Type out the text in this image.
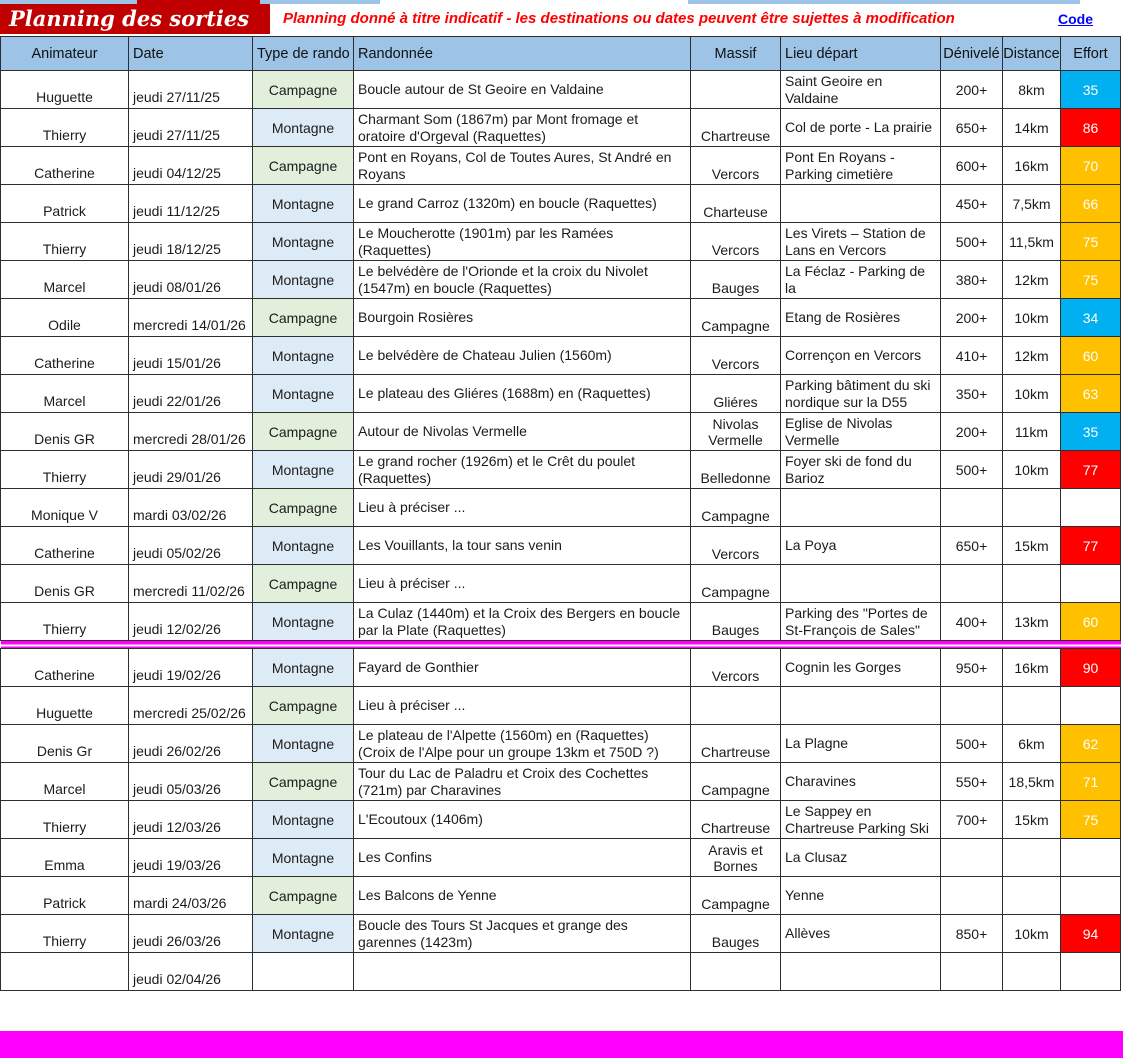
Planning des sorties	Planning donné à titre indicatif - les destinations ou dates peuvent être sujettes à modification	Code
Animateur	Date	Type de rando	Randonnée	Massif	Lieu départ	Dénivelé	Distance	Effort
Huguette	jeudi 27/11/25	Campagne	Boucle autour de St Geoire en Valdaine		Saint Geoire en Valdaine	200+	8km	35
Thierry	jeudi 27/11/25	Montagne	Charmant Som (1867m) par Mont fromage et oratoire d'Orgeval (Raquettes)	Chartreuse	Col de porte - La prairie	650+	14km	86
Catherine	jeudi 04/12/25	Campagne	Pont en Royans, Col de Toutes Aures, St André en Royans	Vercors	Pont En Royans - Parking cimetière	600+	16km	70
Patrick	jeudi 11/12/25	Montagne	Le grand Carroz (1320m) en boucle (Raquettes)	Charteuse		450+	7,5km	66
Thierry	jeudi 18/12/25	Montagne	Le Moucherotte (1901m) par les Ramées (Raquettes)	Vercors	Les Virets – Station de Lans en Vercors	500+	11,5km	75
Marcel	jeudi 08/01/26	Montagne	Le belvédère de l'Orionde et la croix du Nivolet (1547m) en boucle (Raquettes)	Bauges	La Féclaz - Parking de la	380+	12km	75
Odile	mercredi 14/01/26	Campagne	Bourgoin Rosières	Campagne	Etang de Rosières	200+	10km	34
Catherine	jeudi 15/01/26	Montagne	Le belvédère de Chateau Julien (1560m)	Vercors	Corrençon en Vercors	410+	12km	60
Marcel	jeudi 22/01/26	Montagne	Le plateau des Gliéres (1688m) en (Raquettes)	Gliéres	Parking bâtiment du ski nordique sur la D55	350+	10km	63
Denis GR	mercredi 28/01/26	Campagne	Autour de Nivolas Vermelle	Nivolas Vermelle	Eglise de Nivolas Vermelle	200+	11km	35
Thierry	jeudi 29/01/26	Montagne	Le grand rocher (1926m) et le Crêt du poulet (Raquettes)	Belledonne	Foyer ski de fond du Barioz	500+	10km	77
Monique V	mardi 03/02/26	Campagne	Lieu à préciser ...	Campagne				
Catherine	jeudi 05/02/26	Montagne	Les Vouillants, la tour sans venin	Vercors	La Poya	650+	15km	77
Denis GR	mercredi 11/02/26	Campagne	Lieu à préciser ...	Campagne				
Thierry	jeudi 12/02/26	Montagne	La Culaz (1440m) et la Croix des Bergers en boucle par la Plate (Raquettes)	Bauges	Parking des "Portes de St-François de Sales"	400+	13km	60

Catherine	jeudi 19/02/26	Montagne	Fayard de Gonthier	Vercors	Cognin les Gorges	950+	16km	90
Huguette	mercredi 25/02/26	Campagne	Lieu à préciser ...					
Denis Gr	jeudi 26/02/26	Montagne	Le plateau de l'Alpette (1560m) en (Raquettes) (Croix de l'Alpe pour un groupe 13km et 750D ?)	Chartreuse	La Plagne	500+	6km	62
Marcel	jeudi 05/03/26	Campagne	Tour du Lac de Paladru et Croix des Cochettes (721m) par Charavines	Campagne	Charavines	550+	18,5km	71
Thierry	jeudi 12/03/26	Montagne	L'Ecoutoux (1406m)	Chartreuse	Le Sappey en Chartreuse Parking Ski	700+	15km	75
Emma	jeudi 19/03/26	Montagne	Les Confins	Aravis et Bornes	La Clusaz			
Patrick	mardi 24/03/26	Campagne	Les Balcons de Yenne	Campagne	Yenne			
Thierry	jeudi 26/03/26	Montagne	Boucle des Tours St Jacques et grange des garennes (1423m)	Bauges	Allèves	850+	10km	94
	jeudi 02/04/26							
